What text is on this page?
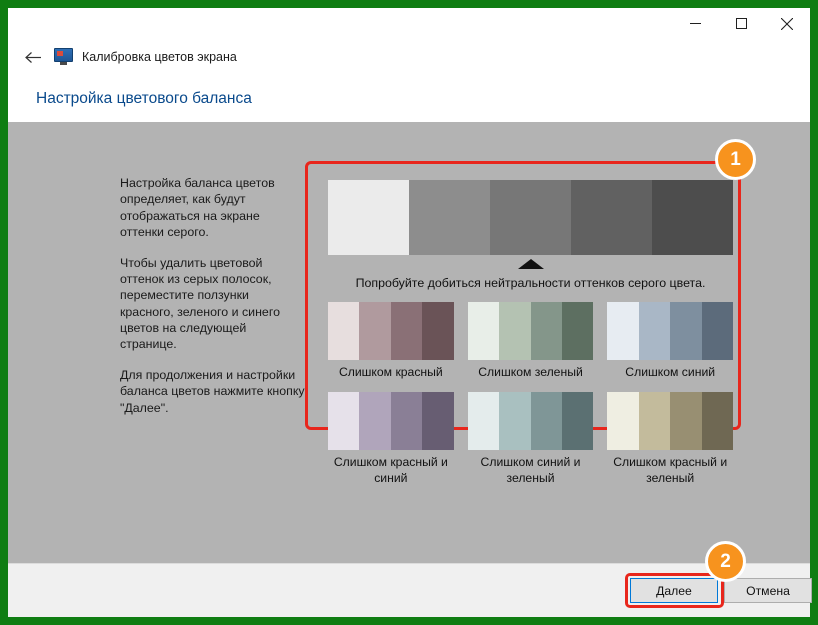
Калибровка цветов экрана
Настройка цветового баланса

Настройка баланса цветов определяет, как будут отображаться на экране оттенки серого.

Чтобы удалить цветовой оттенок из серых полосок, переместите ползунки красного, зеленого и синего цветов на следующей странице.

Для продолжения и настройки баланса цветов нажмите кнопку "Далее".

Попробуйте добиться нейтральности оттенков серого цвета.
Слишком красный	Слишком зеленый	Слишком синий
Слишком красный и синий
Слишком синий и зеленый
Слишком красный и зеленый
1
Далее	Отмена
2
